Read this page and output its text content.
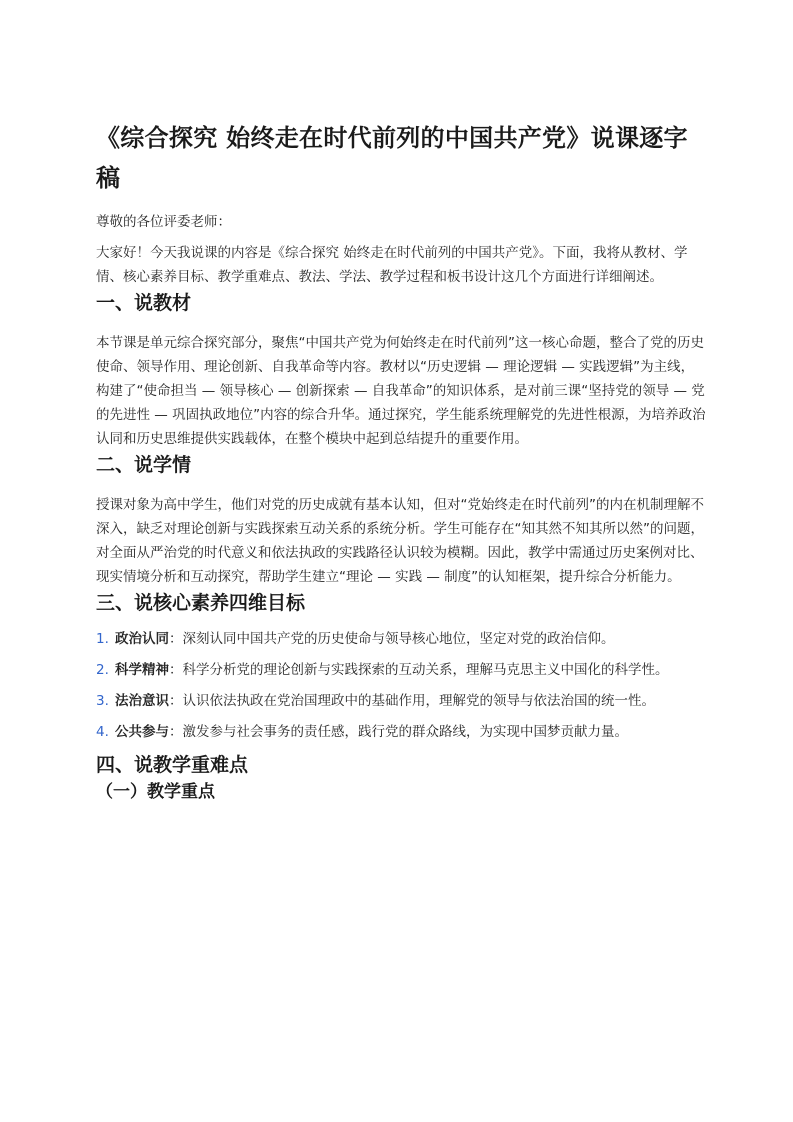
《综合探究 始终走在时代前列的中国共产党》说课逐字稿

尊敬的各位评委老师：

大家好！今天我说课的内容是《综合探究 始终走在时代前列的中国共产党》。下面，我将从教材、学情、核心素养目标、教学重难点、教法、学法、教学过程和板书设计这几个方面进行详细阐述。

一、说教材

本节课是单元综合探究部分，聚焦“中国共产党为何始终走在时代前列”这一核心命题，整合了党的历史使命、领导作用、理论创新、自我革命等内容。教材以“历史逻辑 — 理论逻辑 — 实践逻辑”为主线，构建了“使命担当 — 领导核心 — 创新探索 — 自我革命”的知识体系，是对前三课“坚持党的领导 — 党的先进性 — 巩固执政地位”内容的综合升华。通过探究，学生能系统理解党的先进性根源，为培养政治认同和历史思维提供实践载体，在整个模块中起到总结提升的重要作用。

二、说学情

授课对象为高中学生，他们对党的历史成就有基本认知，但对“党始终走在时代前列”的内在机制理解不深入，缺乏对理论创新与实践探索互动关系的系统分析。学生可能存在“知其然不知其所以然”的问题，对全面从严治党的时代意义和依法执政的实践路径认识较为模糊。因此，教学中需通过历史案例对比、现实情境分析和互动探究，帮助学生建立“理论 — 实践 — 制度”的认知框架，提升综合分析能力。

三、说核心素养四维目标
1. 政治认同：深刻认同中国共产党的历史使命与领导核心地位，坚定对党的政治信仰。
2. 科学精神：科学分析党的理论创新与实践探索的互动关系，理解马克思主义中国化的科学性。
3. 法治意识：认识依法执政在党治国理政中的基础作用，理解党的领导与依法治国的统一性。
4. 公共参与：激发参与社会事务的责任感，践行党的群众路线，为实现中国梦贡献力量。
四、说教学重难点
（一）教学重点
